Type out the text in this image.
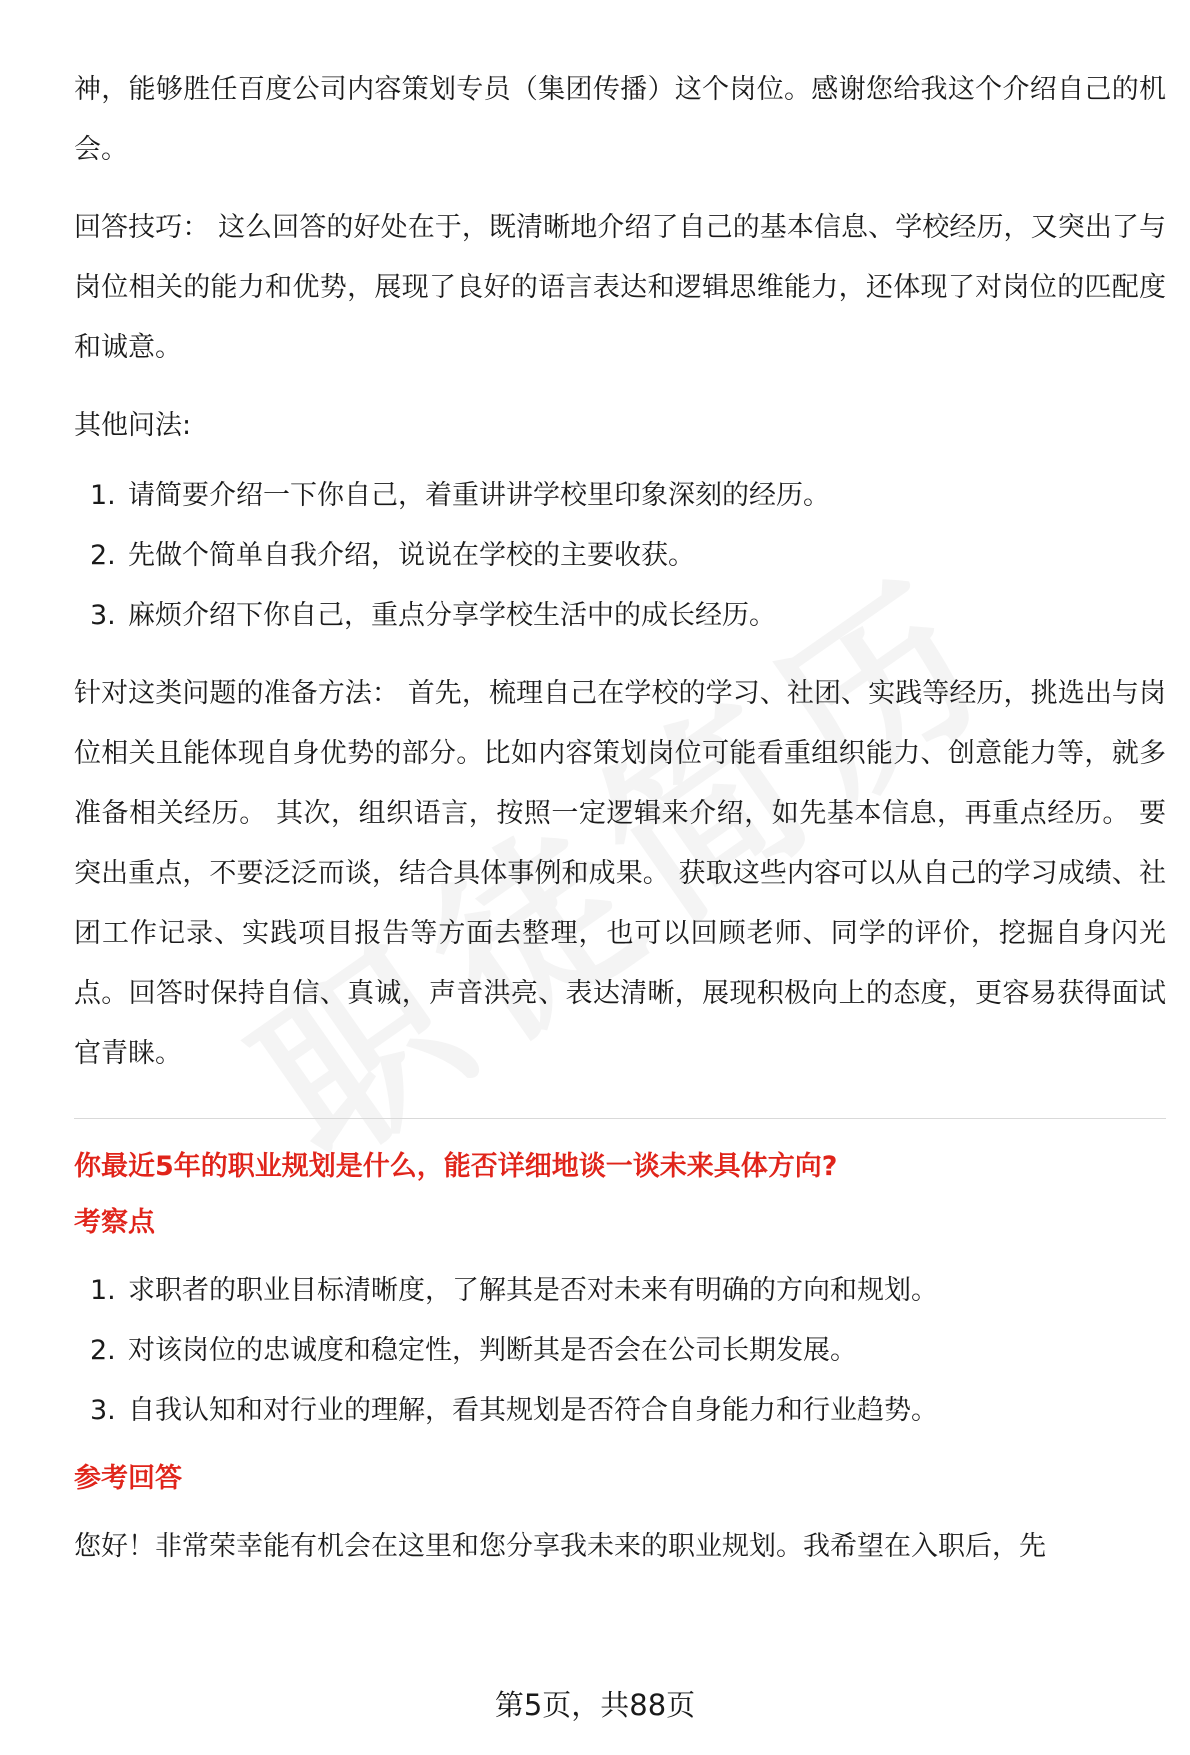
神，能够胜任百度公司内容策划专员（集团传播）这个岗位。感谢您给我这个介绍自己的机会。

回答技巧： 这么回答的好处在于，既清晰地介绍了自己的基本信息、学校经历，又突出了与岗位相关的能力和优势，展现了良好的语言表达和逻辑思维能力，还体现了对岗位的匹配度和诚意。

其他问法:

1. 请简要介绍一下你自己，着重讲讲学校里印象深刻的经历。
2. 先做个简单自我介绍，说说在学校的主要收获。
3. 麻烦介绍下你自己，重点分享学校生活中的成长经历。

针对这类问题的准备方法： 首先，梳理自己在学校的学习、社团、实践等经历，挑选出与岗位相关且能体现自身优势的部分。比如内容策划岗位可能看重组织能力、创意能力等，就多准备相关经历。 其次，组织语言，按照一定逻辑来介绍，如先基本信息，再重点经历。 要突出重点，不要泛泛而谈，结合具体事例和成果。 获取这些内容可以从自己的学习成绩、社团工作记录、实践项目报告等方面去整理，也可以回顾老师、同学的评价，挖掘自身闪光点。回答时保持自信、真诚，声音洪亮、表达清晰，展现积极向上的态度，更容易获得面试官青睐。

你最近5年的职业规划是什么，能否详细地谈一谈未来具体方向?

考察点

1. 求职者的职业目标清晰度，了解其是否对未来有明确的方向和规划。
2. 对该岗位的忠诚度和稳定性，判断其是否会在公司长期发展。
3. 自我认知和对行业的理解，看其规划是否符合自身能力和行业趋势。

参考回答

您好！非常荣幸能有机会在这里和您分享我未来的职业规划。我希望在入职后，先

第5页，共88页
